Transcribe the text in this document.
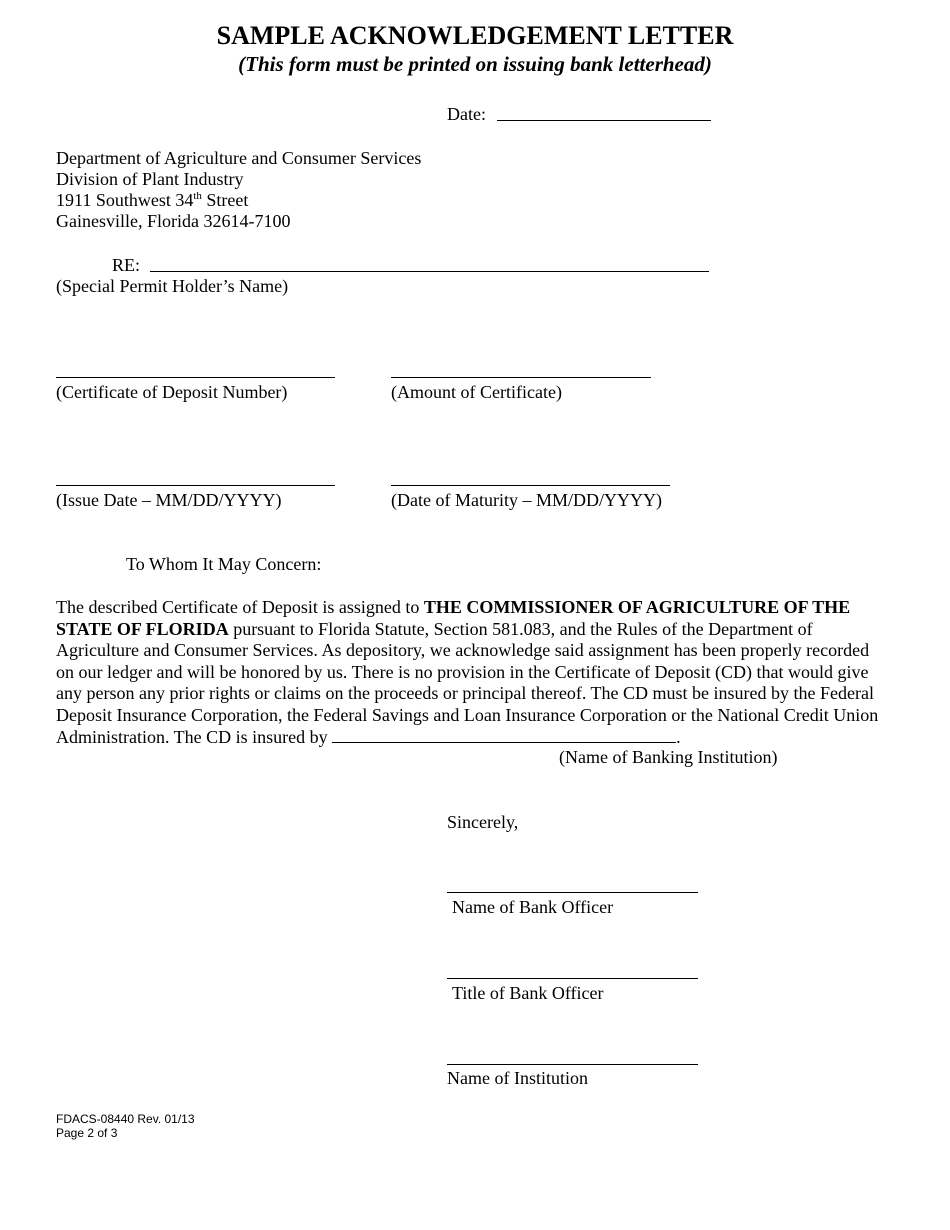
SAMPLE ACKNOWLEDGEMENT LETTER
(This form must be printed on issuing bank letterhead)
Date:
Department of Agriculture and Consumer Services
Division of Plant Industry
1911 Southwest 34th Street
Gainesville, Florida 32614-7100
RE:
(Special Permit Holder’s Name)
(Certificate of Deposit Number)	(Amount of Certificate)
(Issue Date – MM/DD/YYYY)	(Date of Maturity – MM/DD/YYYY)
To Whom It May Concern:
The described Certificate of Deposit is assigned to THE COMMISSIONER OF AGRICULTURE OF THE STATE OF FLORIDA pursuant to Florida Statute, Section 581.083, and the Rules of the Department of Agriculture and Consumer Services. As depository, we acknowledge said assignment has been properly recorded on our ledger and will be honored by us. There is no provision in the Certificate of Deposit (CD) that would give any person any prior rights or claims on the proceeds or principal thereof. The CD must be insured by the Federal Deposit Insurance Corporation, the Federal Savings and Loan Insurance Corporation or the National Credit Union Administration. The CD is insured by	.
(Name of Banking Institution)
Sincerely,
Name of Bank Officer
Title of Bank Officer
Name of Institution
FDACS-08440 Rev. 01/13
Page 2 of 3
